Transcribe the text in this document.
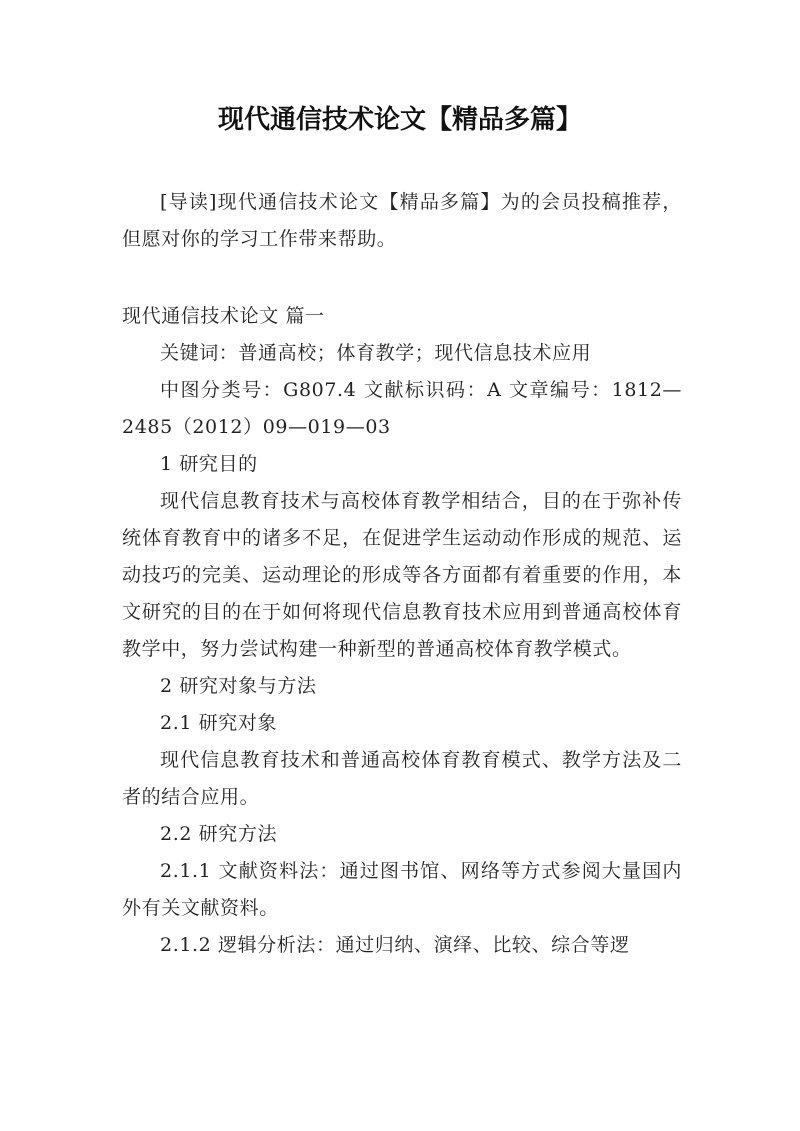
现代通信技术论文【精品多篇】

[导读]现代通信技术论文【精品多篇】为的会员投稿推荐，但愿对你的学习工作带来帮助。

现代通信技术论文 篇一

关键词：普通高校；体育教学；现代信息技术应用

中图分类号：G807.4 文献标识码：A 文章编号：1812—2485（2012）09—019—03

1 研究目的

现代信息教育技术与高校体育教学相结合，目的在于弥补传统体育教育中的诸多不足，在促进学生运动动作形成的规范、运动技巧的完美、运动理论的形成等各方面都有着重要的作用，本文研究的目的在于如何将现代信息教育技术应用到普通高校体育教学中，努力尝试构建一种新型的普通高校体育教学模式。

2 研究对象与方法

2.1 研究对象

现代信息教育技术和普通高校体育教育模式、教学方法及二者的结合应用。

2.2 研究方法

2.1.1 文献资料法：通过图书馆、网络等方式参阅大量国内外有关文献资料。

2.1.2 逻辑分析法：通过归纳、演绎、比较、综合等逻
